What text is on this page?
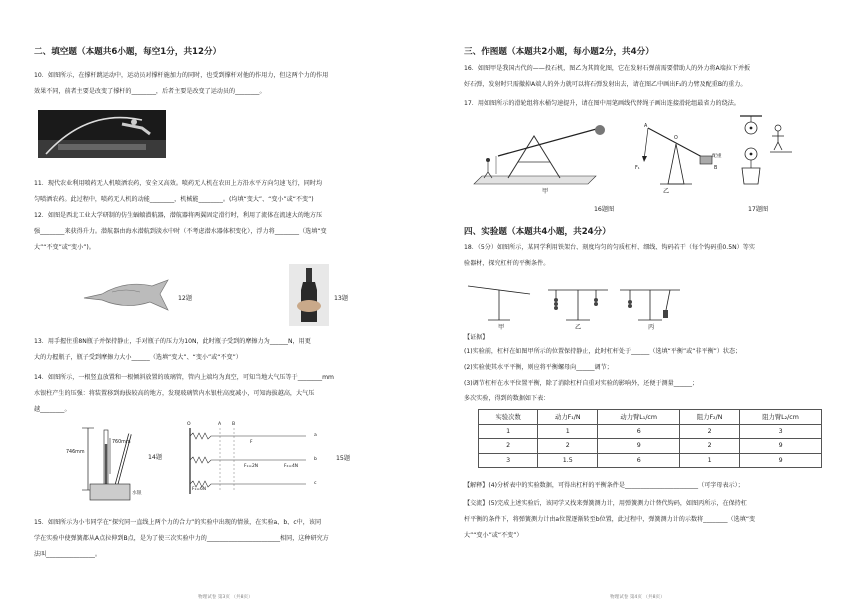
二、填空题（本题共6小题，每空1分，共12分）
10．如图所示，在撑杆跳运动中，运动员对撑杆施加力的同时，也受到撑杆对他的作用力，但这两个力的作用
效果不同，前者主要是改变了撑杆的________，后者主要是改变了运动员的________。
11．现代农业利用喷药无人机喷洒农药，安全又高效。喷药无人机在农田上方沿水平方向匀速飞行，同时均
匀喷洒农药。此过程中，喷药无人机的动能________，机械能________。(均填“变大”、“变小”或“不变”)
12．如图是西北工业大学研制的仿生蝠鲼潜航器，潜航器将两翼固定滑行时，利用了流体在流速大的地方压
强________来获得升力。潜航器由海水潜航到淡水中时（不考虑潜水器体积变化），浮力将________（选填“变
大”“不变”或“变小”)。
12题	13题
13．用手握住重8N瓶子并保持静止，手对瓶子的压力为10N，此时瓶子受到的摩擦力为______N，用更
大的力握瓶子，瓶子受到摩擦力大小______（选填“变大”、“变小”或“不变”）
14．如图所示，一根竖直放置和一根倾斜放置的玻璃管，管内上端均为真空，可知当地大气压等于________mm
水银柱产生的压强：将装置移到海拔较高的地方，发现玻璃管内水银柱高度减小，可知海拔越高，大气压
越________。
746mm
760mm
水银
14题
O	A B
F
F₁=2N	F₂=4N
F₁=6N
a
b
c
15题
15．如图所示为小韦同学在“探究同一直线上两个力的合力”的实验中出现的情景，在实验a、b、c中，该同
学在实验中使弹簧都从A点拉伸到B点，是为了使三次实验中力的________________________相同，这种研究方
法叫________________。
物理试卷 第3页 （共8页）
三、作图题（本题共2小题，每小题2分，共4分）
16．如图甲是我国古代的——投石机，图乙为其简化图，它在发射石弹前需要借助人的外力将A端拉下并扳
好石弹，发射时只需撤掉A端人的外力就可以将石弹发射出去，请在图乙中画出F₁的力臂及配重B的重力。
17．用如图所示的滑轮组将水桶匀速提升，请在图中用笔画线代替绳子画出连接滑轮组最省力的绕法。
O
A
B
配重
F₁
甲	乙
16题图	17题图
四、实验题（本题共4小题，共24分）
18．（5分）如图所示，某同学利用铁架台、刻度均匀的匀质杠杆、细线、钩码若干（每个钩码重0.5N）等实
验器材，探究杠杆的平衡条件。
甲	乙	丙
【证据】
(1)实验前，杠杆在如图甲所示的位置保持静止，此时杠杆处于______（选填“平衡”或“非平衡”）状态；
(2)实验使其水平平衡，则应将平衡螺母向______调节；
(3)调节杠杆在水平位置平衡，除了消除杠杆自重对实验的影响外，还便于测量______；
多次实验，得到的数据如下表：
实验次数	动力F₁/N	动力臂L₁/cm	阻力F₂/N	阻力臂L₂/cm
1	1	6	2	3
2	2	9	2	9
3	1.5	6	1	9
【解释】(4)分析表中的实验数据，可得出杠杆的平衡条件是________________________（可字母表示）；
【交流】(5)完成上述实验后，该同学又找来弹簧测力计，用弹簧测力计替代钩码，如图丙所示，在保持杠
杆平衡的条件下，将弹簧测力计由a位置逐渐转至b位置，此过程中，弹簧测力计的示数将________（选填“变
大”“变小”或“不变”）
物理试卷 第4页 （共8页）
